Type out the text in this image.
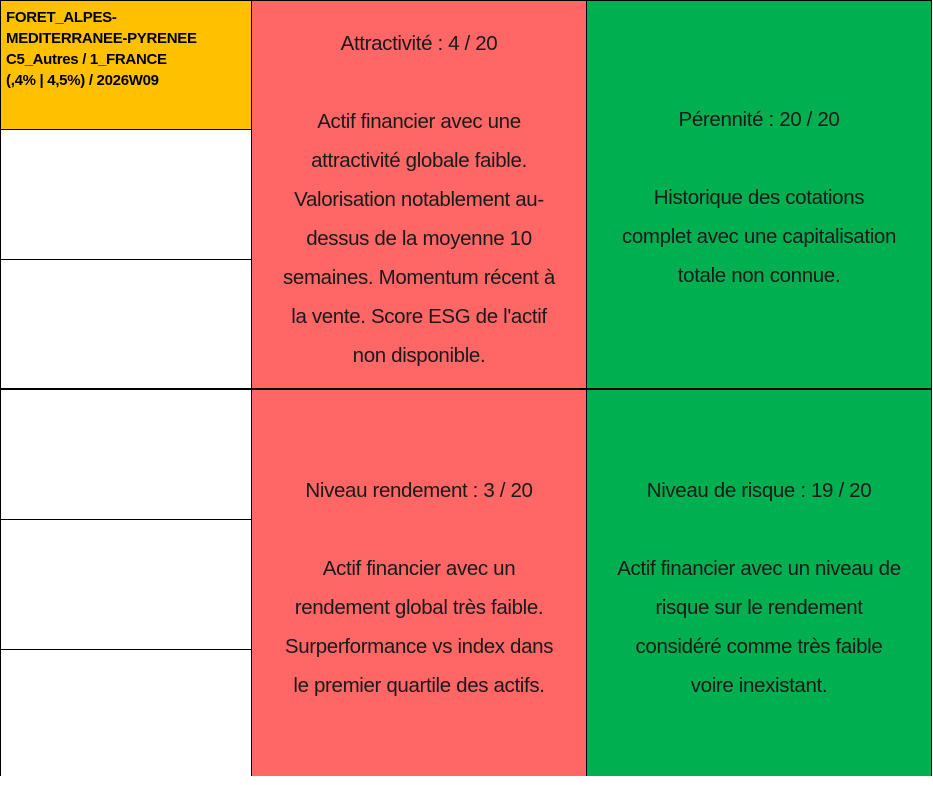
FORET_ALPES-
MEDITERRANEE-PYRENEE
C5_Autres / 1_FRANCE
(,4% | 4,5%) / 2026W09
Attractivité : 4 / 20
Actif financier avec une
attractivité globale faible.
Valorisation notablement au-
dessus de la moyenne 10
semaines. Momentum récent à
la vente. Score ESG de l'actif
non disponible.
Pérennité : 20 / 20
Historique des cotations
complet avec une capitalisation
totale non connue.
Niveau rendement : 3 / 20
Actif financier avec un
rendement global très faible.
Surperformance vs index dans
le premier quartile des actifs.
Niveau de risque : 19 / 20
Actif financier avec un niveau de
risque sur le rendement
considéré comme très faible
voire inexistant.
